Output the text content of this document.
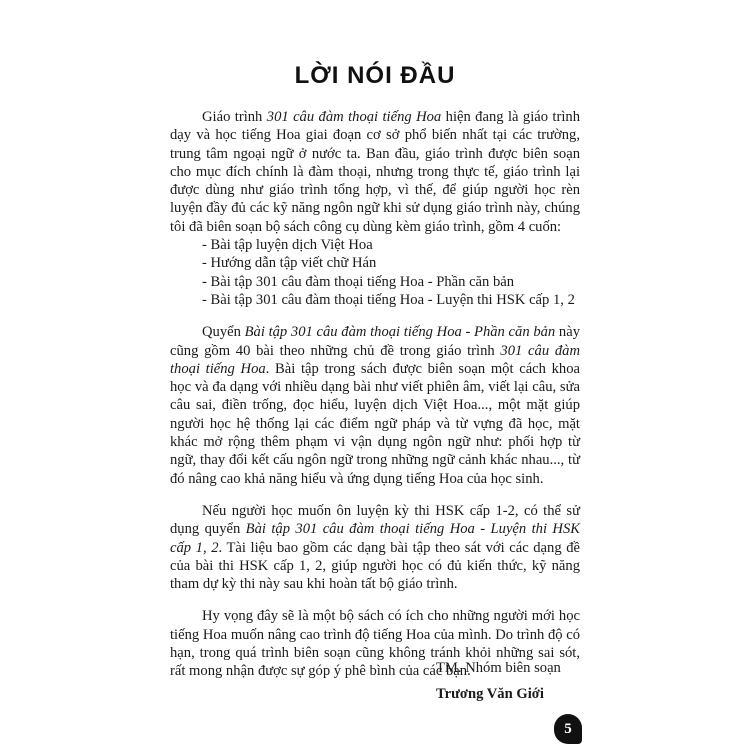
LỜI NÓI ĐẦU

Giáo trình 301 câu đàm thoại tiếng Hoa hiện đang là giáo trình dạy và học tiếng Hoa giai đoạn cơ sở phổ biến nhất tại các trường, trung tâm ngoại ngữ ở nước ta. Ban đầu, giáo trình được biên soạn cho mục đích chính là đàm thoại, nhưng trong thực tế, giáo trình lại được dùng như giáo trình tổng hợp, vì thế, để giúp người học rèn luyện đầy đủ các kỹ năng ngôn ngữ khi sử dụng giáo trình này, chúng tôi đã biên soạn bộ sách công cụ dùng kèm giáo trình, gồm 4 cuốn:

- Bài tập luyện dịch Việt Hoa
- Hướng dẫn tập viết chữ Hán
- Bài tập 301 câu đàm thoại tiếng Hoa - Phần căn bản
- Bài tập 301 câu đàm thoại tiếng Hoa - Luyện thi HSK cấp 1, 2

Quyển Bài tập 301 câu đàm thoại tiếng Hoa - Phần căn bản này cũng gồm 40 bài theo những chủ đề trong giáo trình 301 câu đàm thoại tiếng Hoa. Bài tập trong sách được biên soạn một cách khoa học và đa dạng với nhiều dạng bài như viết phiên âm, viết lại câu, sửa câu sai, điền trống, đọc hiểu, luyện dịch Việt Hoa..., một mặt giúp người học hệ thống lại các điểm ngữ pháp và từ vựng đã học, mặt khác mở rộng thêm phạm vi vận dụng ngôn ngữ như: phối hợp từ ngữ, thay đổi kết cấu ngôn ngữ trong những ngữ cảnh khác nhau..., từ đó nâng cao khả năng hiểu và ứng dụng tiếng Hoa của học sinh.

Nếu người học muốn ôn luyện kỳ thi HSK cấp 1-2, có thể sử dụng quyển Bài tập 301 câu đàm thoại tiếng Hoa - Luyện thi HSK cấp 1, 2. Tài liệu bao gồm các dạng bài tập theo sát với các dạng đề của bài thi HSK cấp 1, 2, giúp người học có đủ kiến thức, kỹ năng tham dự kỳ thi này sau khi hoàn tất bộ giáo trình.

Hy vọng đây sẽ là một bộ sách có ích cho những người mới học tiếng Hoa muốn nâng cao trình độ tiếng Hoa của mình. Do trình độ có hạn, trong quá trình biên soạn cũng không tránh khỏi những sai sót, rất mong nhận được sự góp ý phê bình của các bạn.

TM. Nhóm biên soạn
Trương Văn Giới
5
